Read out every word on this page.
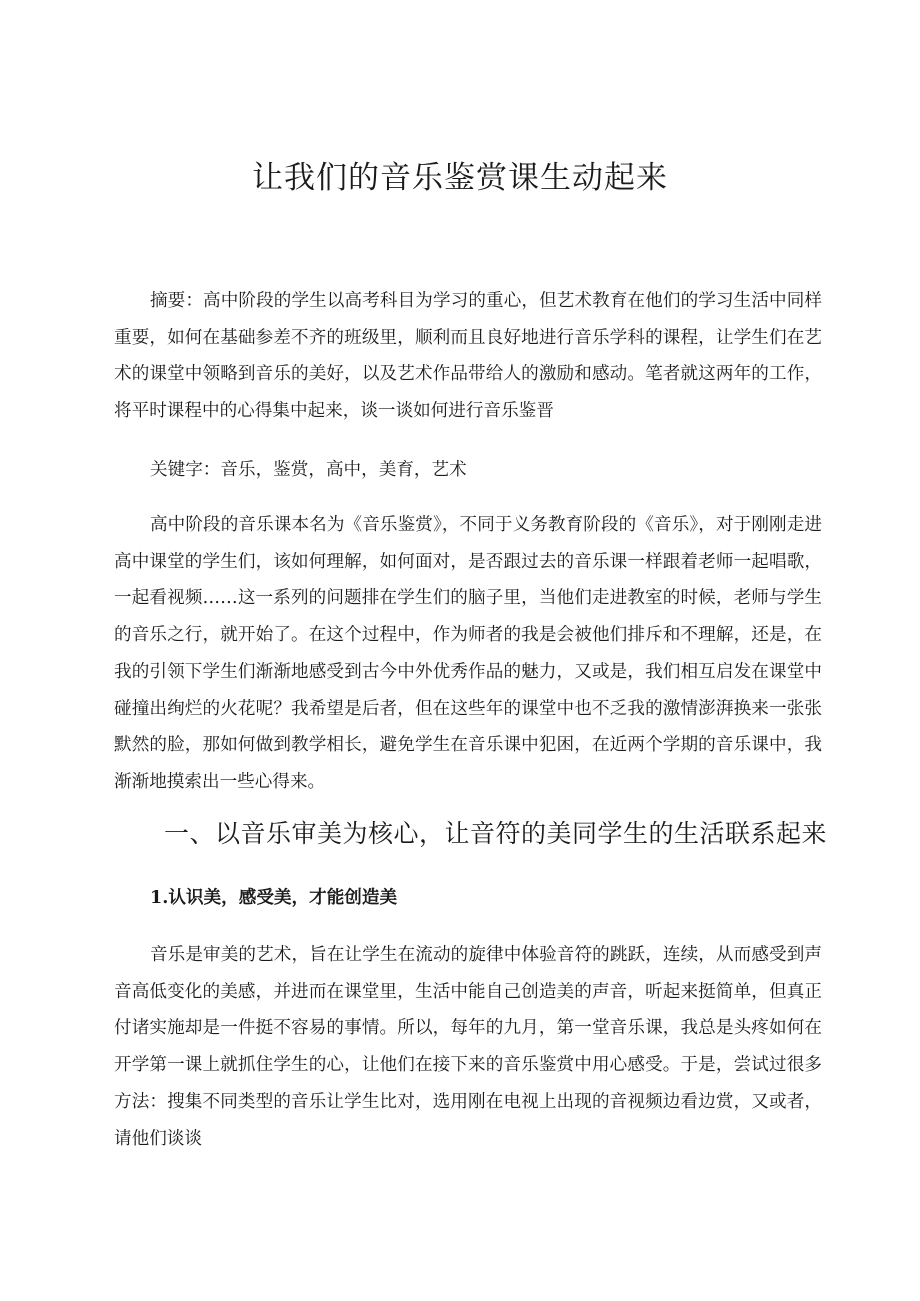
让我们的音乐鉴赏课生动起来

摘要：高中阶段的学生以高考科目为学习的重心，但艺术教育在他们的学习生活中同样重要，如何在基础参差不齐的班级里，顺利而且良好地进行音乐学科的课程，让学生们在艺术的课堂中领略到音乐的美好，以及艺术作品带给人的激励和感动。笔者就这两年的工作，将平时课程中的心得集中起来，谈一谈如何进行音乐鉴晋

关键字：音乐，鉴赏，高中，美育，艺术

高中阶段的音乐课本名为《音乐鉴赏》，不同于义务教育阶段的《音乐》，对于刚刚走进高中课堂的学生们，该如何理解，如何面对，是否跟过去的音乐课一样跟着老师一起唱歌，一起看视频……这一系列的问题排在学生们的脑子里，当他们走进教室的时候，老师与学生的音乐之行，就开始了。在这个过程中，作为师者的我是会被他们排斥和不理解，还是，在我的引领下学生们渐渐地感受到古今中外优秀作品的魅力，又或是，我们相互启发在课堂中碰撞出绚烂的火花呢？我希望是后者，但在这些年的课堂中也不乏我的激情澎湃换来一张张默然的脸，那如何做到教学相长，避免学生在音乐课中犯困，在近两个学期的音乐课中，我渐渐地摸索出一些心得来。

一、以音乐审美为核心，让音符的美同学生的生活联系起来
1.认识美，感受美，才能创造美

音乐是审美的艺术，旨在让学生在流动的旋律中体验音符的跳跃，连续，从而感受到声音高低变化的美感，并进而在课堂里，生活中能自己创造美的声音，听起来挺简单，但真正付诸实施却是一件挺不容易的事情。所以，每年的九月，第一堂音乐课，我总是头疼如何在开学第一课上就抓住学生的心，让他们在接下来的音乐鉴赏中用心感受。于是，尝试过很多方法：搜集不同类型的音乐让学生比对，选用刚在电视上出现的音视频边看边赏，又或者，请他们谈谈
